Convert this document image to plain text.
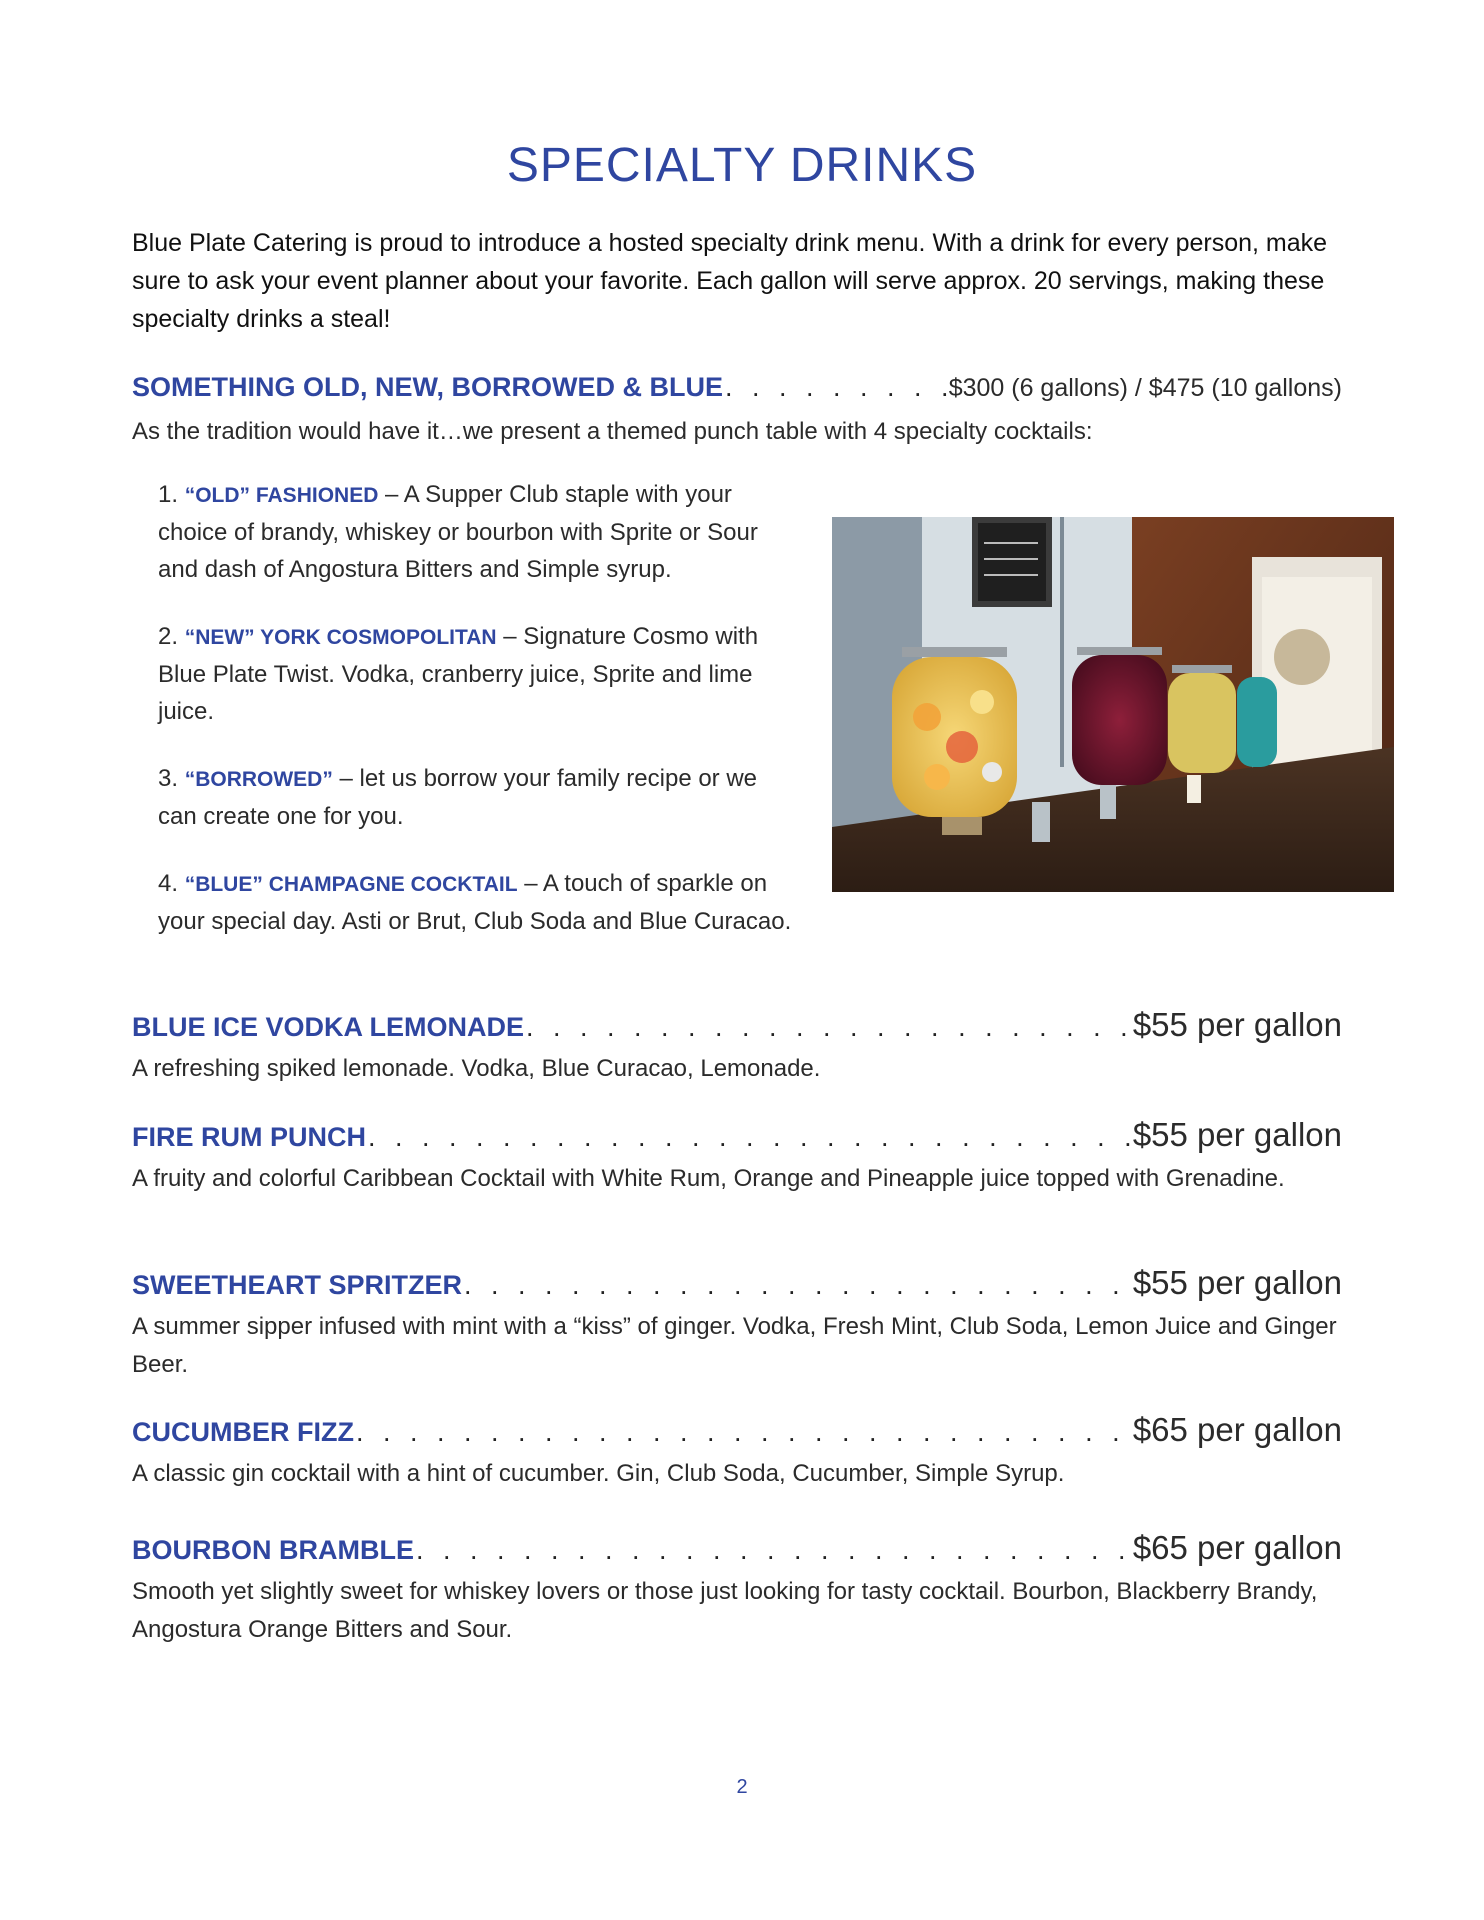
SPECIALTY DRINKS

Blue Plate Catering is proud to introduce a hosted specialty drink menu. With a drink for every person, make sure to ask your event planner about your favorite. Each gallon will serve approx. 20 servings, making these specialty drinks a steal!

SOMETHING OLD, NEW, BORROWED & BLUE . . .	$300 (6 gallons) / $475 (10 gallons)

As the tradition would have it…we present a themed punch table with 4 specialty cocktails:

1. “OLD” FASHIONED – A Supper Club staple with your choice of brandy, whiskey or bourbon with Sprite or Sour and dash of Angostura Bitters and Simple syrup.
2. “NEW” YORK COSMOPOLITAN – Signature Cosmo with Blue Plate Twist. Vodka, cranberry juice, Sprite and lime juice.
3. “BORROWED” – let us borrow your family recipe or we can create one for you.
4. “BLUE” CHAMPAGNE COCKTAIL – A touch of sparkle on your special day. Asti or Brut, Club Soda and Blue Curacao.
BLUE ICE VODKA LEMONADE . . .	$55 per gallon

A refreshing spiked lemonade. Vodka, Blue Curacao, Lemonade.

FIRE RUM PUNCH . . .	$55 per gallon

A fruity and colorful Caribbean Cocktail with White Rum, Orange and Pineapple juice topped with Grenadine.

SWEETHEART SPRITZER . . .	$55 per gallon

A summer sipper infused with mint with a “kiss” of ginger. Vodka, Fresh Mint, Club Soda, Lemon Juice and Ginger Beer.

CUCUMBER FIZZ . . .	$65 per gallon

A classic gin cocktail with a hint of cucumber. Gin, Club Soda, Cucumber, Simple Syrup.

BOURBON BRAMBLE . . .	$65 per gallon

Smooth yet slightly sweet for whiskey lovers or those just looking for tasty cocktail. Bourbon, Blackberry Brandy, Angostura Orange Bitters and Sour.

2
